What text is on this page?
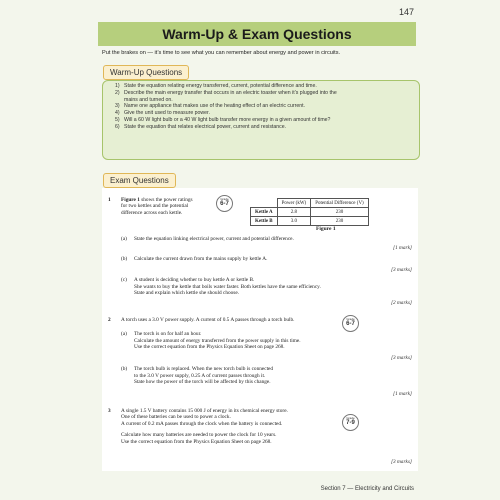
147
Warm-Up & Exam Questions
Put the brakes on — it’s time to see what you can remember about energy and power in circuits.
Warm-Up Questions
1) State the equation relating energy transferred, current, potential difference and time.
2) Describe the main energy transfer that occurs in an electric toaster when it’s plugged into the
mains and turned on.
3) Name one appliance that makes use of the heating effect of an electric current.
4) Give the unit used to measure power.
5) Will a 60 W light bulb or a 40 W light bulb transfer more energy in a given amount of time?
6) State the equation that relates electrical power, current and resistance.
Exam Questions
1 Figure 1 shows the power ratings
for two kettles and the potential
difference across each kettle.
Grade
6-7
		Power (kW)	Potential Difference (V)
Kettle A	2.8	230
Kettle B	3.0	230
Figure 1
(a) State the equation linking electrical power, current and potential difference.
[1 mark]
(b) Calculate the current drawn from the mains supply by kettle A.
[3 marks]
(c) A student is deciding whether to buy kettle A or kettle B.
She wants to buy the kettle that boils water faster. Both kettles have the same efficiency.
State and explain which kettle she should choose.
[2 marks]
2 A torch uses a 3.0 V power supply. A current of 0.5 A passes through a torch bulb.	Grade
6-7
(a) The torch is on for half an hour.
Calculate the amount of energy transferred from the power supply in this time.
Use the correct equation from the Physics Equation Sheet on page 268.
[3 marks]
(b) The torch bulb is replaced. When the new torch bulb is connected
to the 3.0 V power supply, 0.25 A of current passes through it.
State how the power of the torch will be affected by this change.
[1 mark]
3 A single 1.5 V battery contains 15 000 J of energy in its chemical energy store.
One of these batteries can be used to power a clock.
A current of 0.2 mA passes through the clock when the battery is connected.
Calculate how many batteries are needed to power the clock for 10 years.
Use the correct equation from the Physics Equation Sheet on page 268.
Grade
7-9
[3 marks]
Section 7 — Electricity and Circuits
